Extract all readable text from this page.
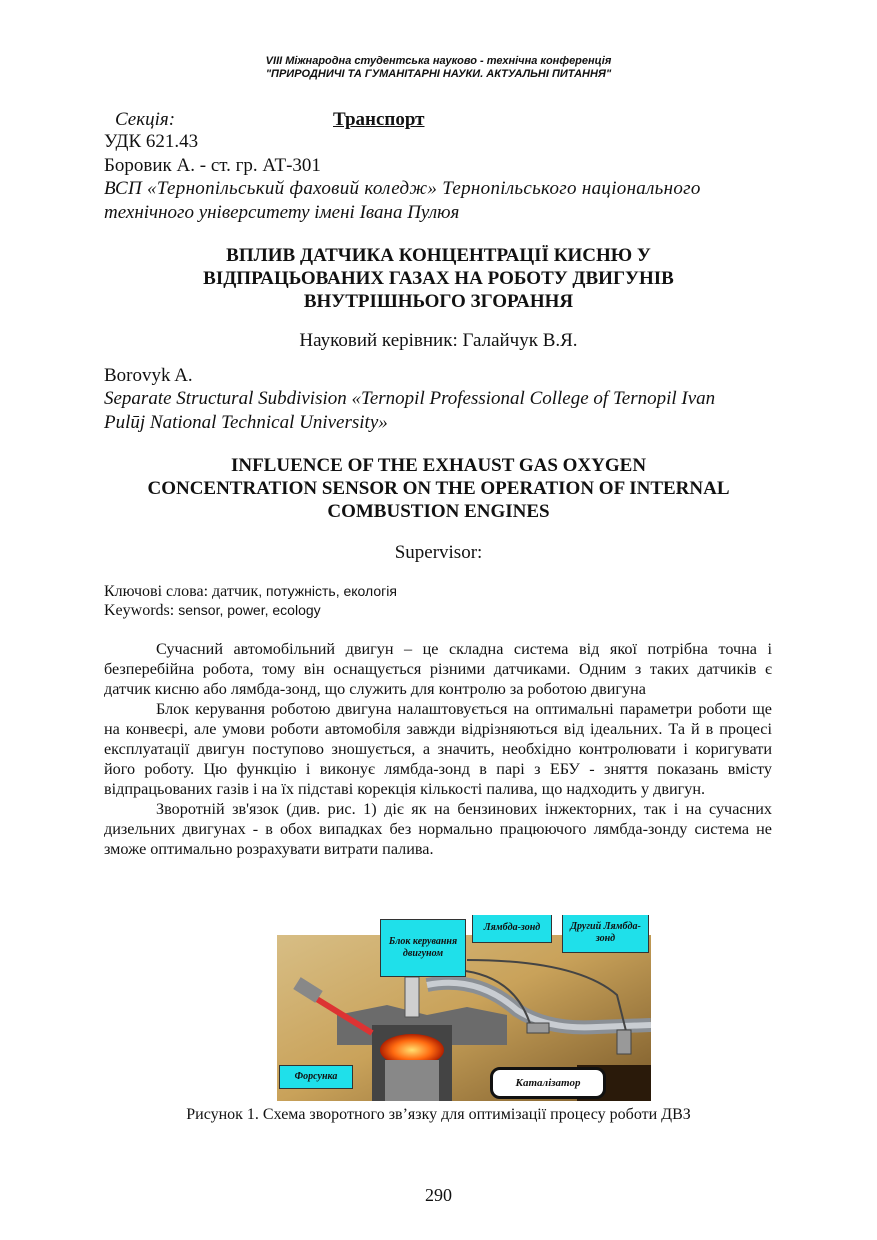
VIII Міжнародна студентська науково - технічна конференція
"ПРИРОДНИЧІ ТА ГУМАНІТАРНІ НАУКИ. АКТУАЛЬНІ ПИТАННЯ"
Секція:	Транспорт
УДК 621.43
Боровик А. - ст. гр. АТ-301
ВСП «Тернопільський фаховий коледж» Тернопільського національного
технічного університету імені Івана Пулюя
ВПЛИВ ДАТЧИКА КОНЦЕНТРАЦІЇ КИСНЮ У
ВІДПРАЦЬОВАНИХ ГАЗАХ НА РОБОТУ ДВИГУНІВ
ВНУТРІШНЬОГО ЗГОРАННЯ
Науковий керівник: Галайчук В.Я.
Borovyk A.
Separate Structural Subdivision «Ternopil Professional College of Ternopil Ivan
Pulūj National Technical University»
INFLUENCE OF THE EXHAUST GAS OXYGEN
CONCENTRATION SENSOR ON THE OPERATION OF INTERNAL
COMBUSTION ENGINES
Supervisor:
Ключові слова: датчик, потужність, екологія
Keywords: sensor, power, ecology

Сучасний автомобільний двигун – це складна система від якої потрібна точна і безперебійна робота, тому він оснащується різними датчиками. Одним з таких датчиків є датчик кисню або лямбда-зонд, що служить для контролю за роботою двигуна

Блок керування роботою двигуна налаштовується на оптимальні параметри роботи ще на конвеєрі, але умови роботи автомобіля завжди відрізняються від ідеальних. Та й в процесі експлуатації двигун поступово зношується, а значить, необхідно контролювати і коригувати його роботу. Цю функцію і виконує лямбда-зонд в парі з ЕБУ - зняття показань вмісту відпрацьованих газів і на їх підставі корекція кількості палива, що надходить у двигун.

Зворотній зв'язок (див. рис. 1) діє як на бензинових інжекторних, так і на сучасних дизельних двигунах - в обох випадках без нормально працюючого лямбда-зонду система не зможе оптимально розрахувати витрати палива.

Блок керування двигуном
Лямбда-зонд	Другий Лямбда-зонд
Форсунка
Каталізатор
Рисунок 1. Схема зворотного зв’язку для оптимізації процесу роботи ДВЗ
290
